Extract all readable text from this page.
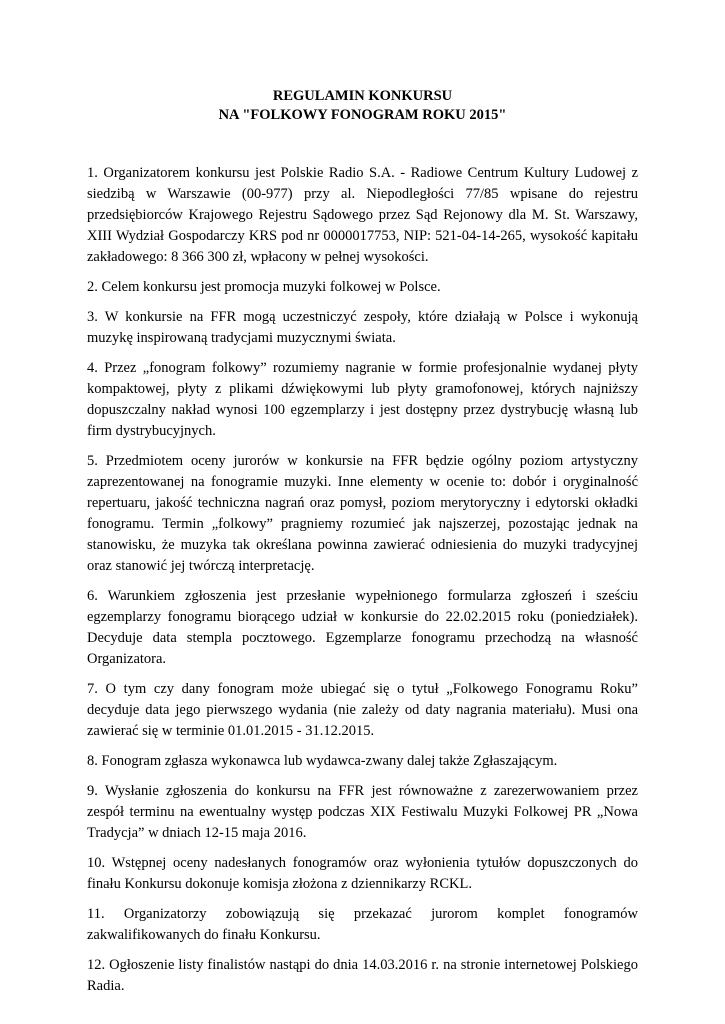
REGULAMIN KONKURSU

NA "FOLKOWY FONOGRAM ROKU 2015"

1. Organizatorem konkursu jest Polskie Radio S.A. - Radiowe Centrum Kultury Ludowej z siedzibą w Warszawie (00-977) przy al. Niepodległości 77/85 wpisane do rejestru przedsiębiorców Krajowego Rejestru Sądowego przez Sąd Rejonowy dla M. St. Warszawy, XIII Wydział Gospodarczy KRS pod nr 0000017753, NIP: 521-04-14-265, wysokość kapitału zakładowego: 8 366 300 zł, wpłacony w pełnej wysokości.

2. Celem konkursu jest promocja muzyki folkowej w Polsce.

3. W konkursie na FFR mogą uczestniczyć zespoły, które działają w Polsce i wykonują muzykę inspirowaną tradycjami muzycznymi świata.

4. Przez „fonogram folkowy” rozumiemy nagranie w formie profesjonalnie wydanej płyty kompaktowej, płyty z plikami dźwiękowymi lub płyty gramofonowej, których najniższy dopuszczalny nakład wynosi 100 egzemplarzy i jest dostępny przez dystrybucję własną lub firm dystrybucyjnych.

5. Przedmiotem oceny jurorów w konkursie na FFR będzie ogólny poziom artystyczny zaprezentowanej na fonogramie muzyki. Inne elementy w ocenie to: dobór i oryginalność repertuaru, jakość techniczna nagrań oraz pomysł, poziom merytoryczny i edytorski okładki fonogramu. Termin „folkowy” pragniemy rozumieć jak najszerzej, pozostając jednak na stanowisku, że muzyka tak określana powinna zawierać odniesienia do muzyki tradycyjnej oraz stanowić jej twórczą interpretację.

6. Warunkiem zgłoszenia jest przesłanie wypełnionego formularza zgłoszeń i sześciu egzemplarzy fonogramu biorącego udział w konkursie do 22.02.2015 roku (poniedziałek). Decyduje data stempla pocztowego. Egzemplarze fonogramu przechodzą na własność Organizatora.

7. O tym czy dany fonogram może ubiegać się o tytuł „Folkowego Fonogramu Roku” decyduje data jego pierwszego wydania (nie zależy od daty nagrania materiału). Musi ona zawierać się w terminie 01.01.2015 - 31.12.2015.

8. Fonogram zgłasza wykonawca lub wydawca-zwany dalej także Zgłaszającym.

9. Wysłanie zgłoszenia do konkursu na FFR jest równoważne z zarezerwowaniem przez zespół terminu na ewentualny występ podczas XIX Festiwalu Muzyki Folkowej PR „Nowa Tradycja” w dniach 12-15 maja 2016.

10. Wstępnej oceny nadesłanych fonogramów oraz wyłonienia tytułów dopuszczonych do finału Konkursu dokonuje komisja złożona z dziennikarzy RCKL.

11. Organizatorzy zobowiązują się przekazać jurorom komplet fonogramów zakwalifikowanych do finału Konkursu.

12. Ogłoszenie listy finalistów nastąpi do dnia 14.03.2016 r. na stronie internetowej Polskiego Radia.
